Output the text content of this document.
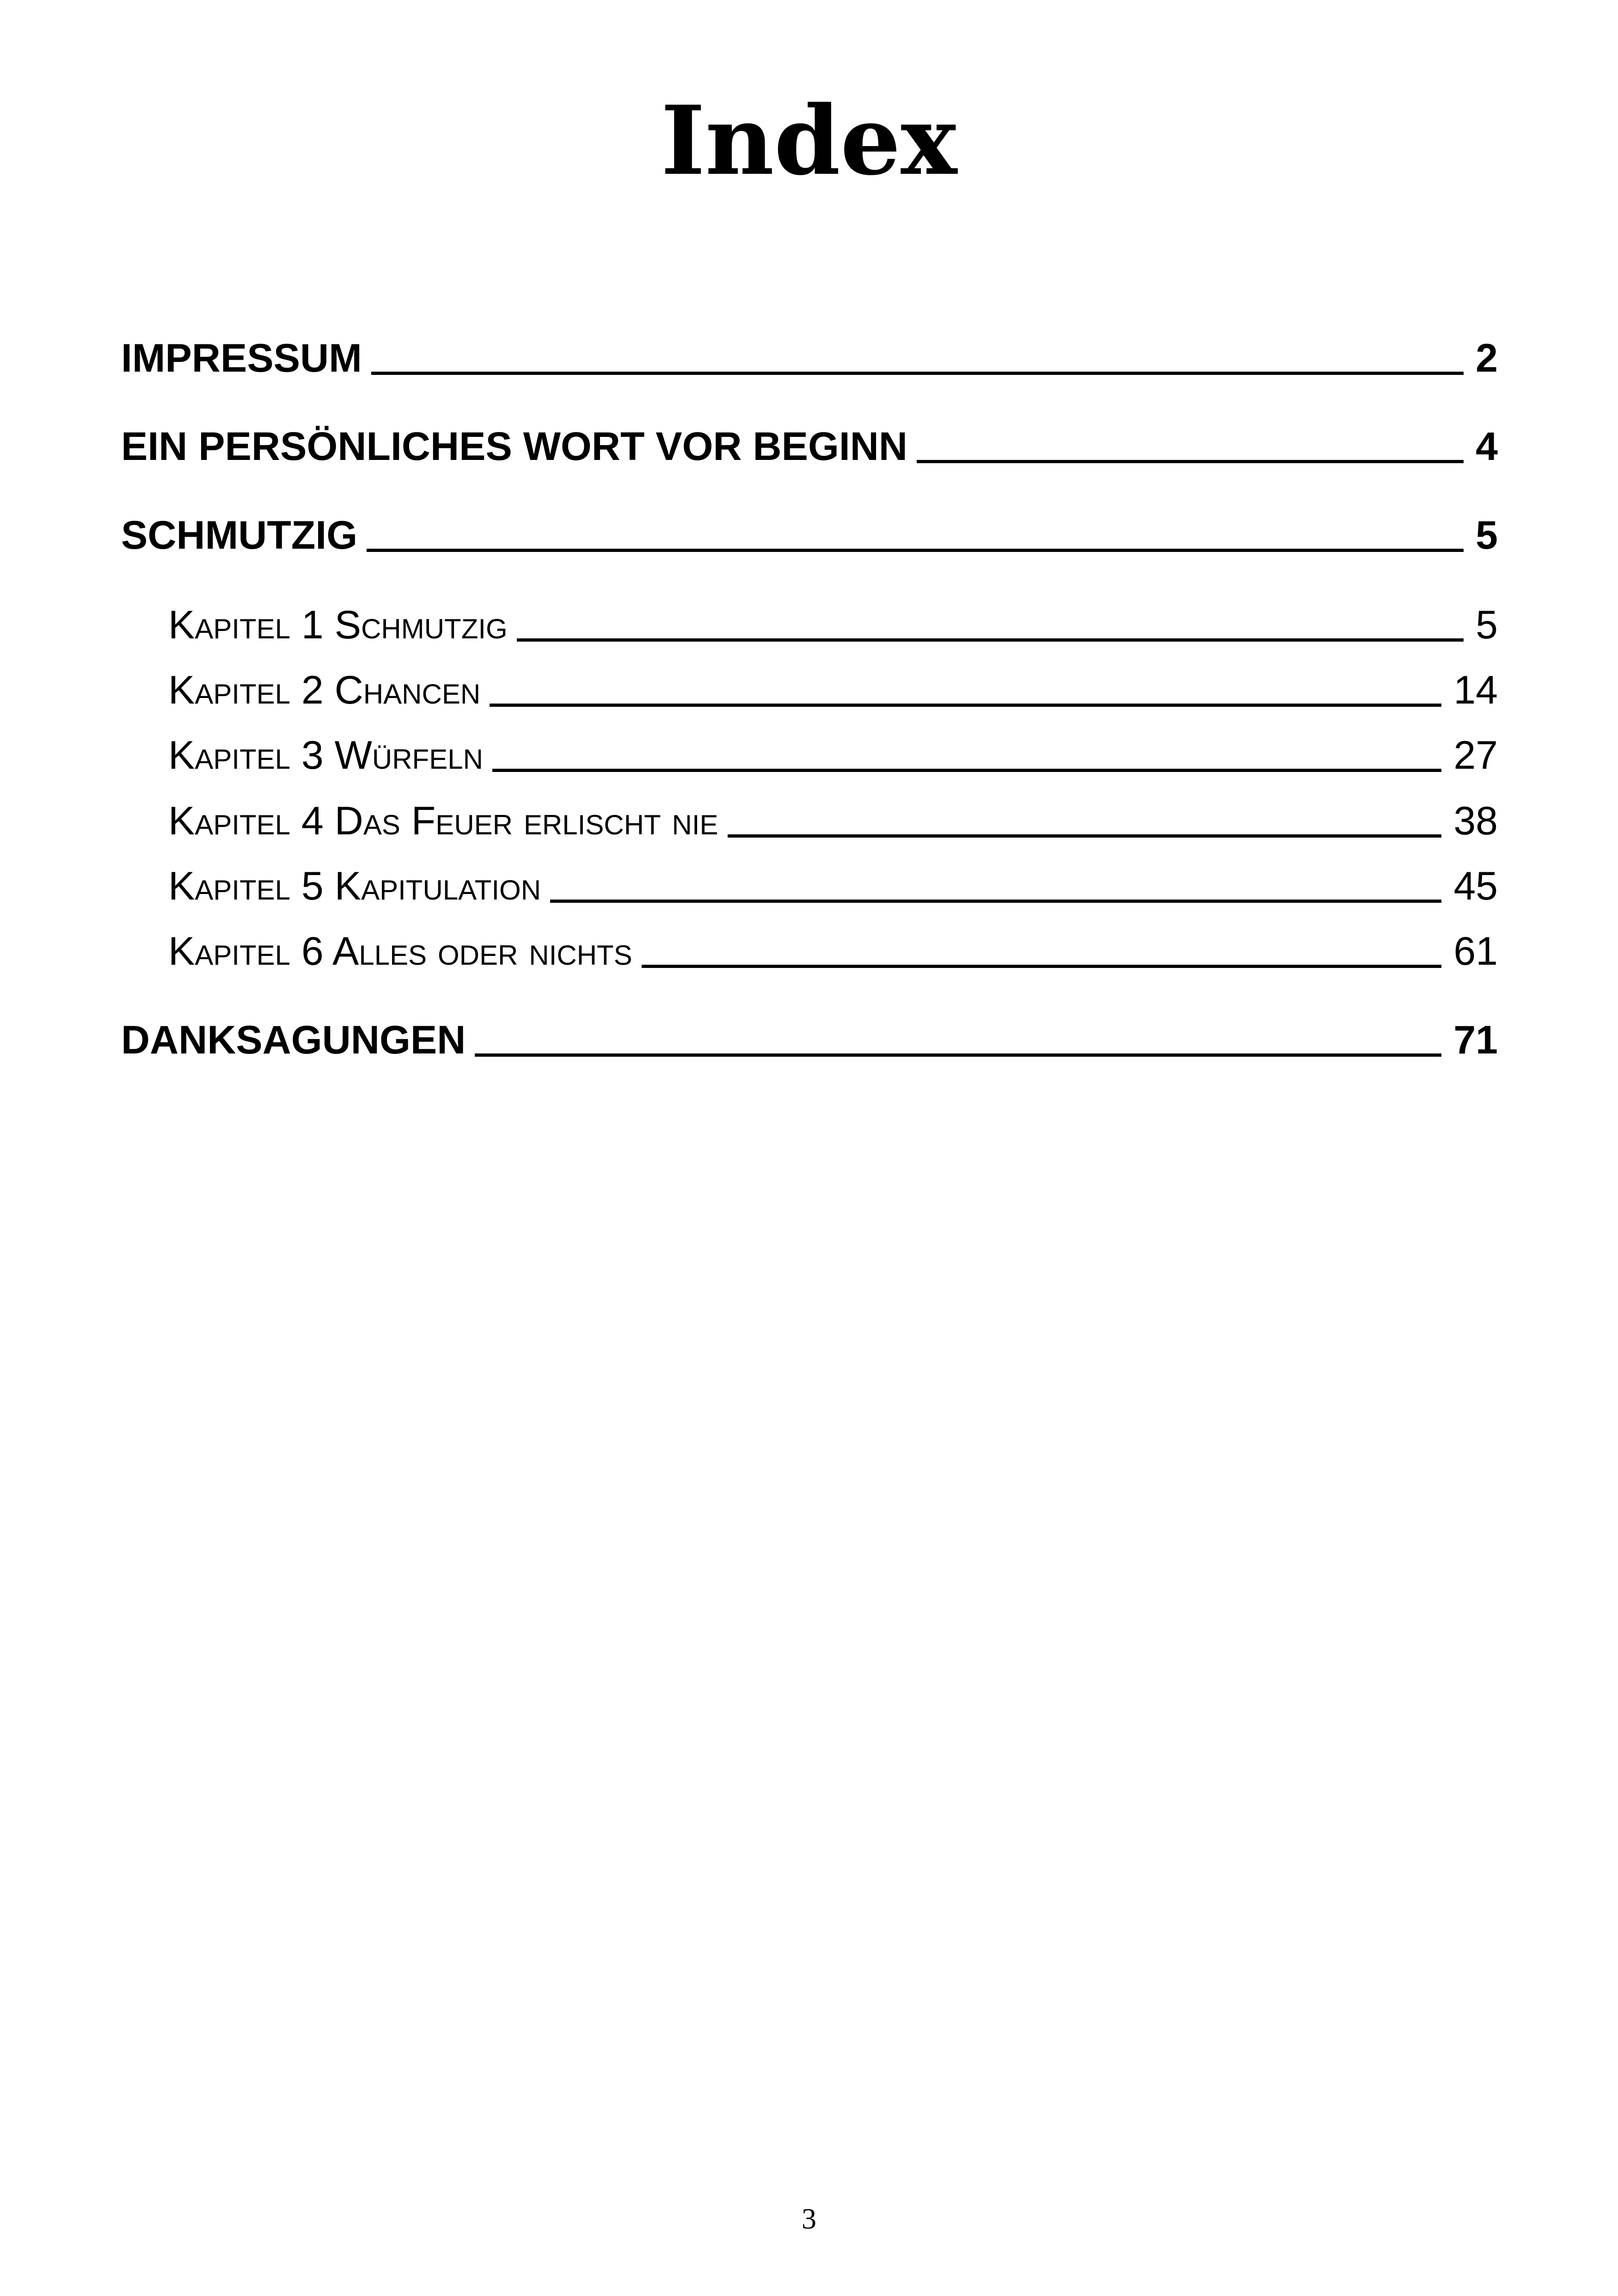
Index
IMPRESSUM	2
EIN PERSÖNLICHES WORT VOR BEGINN	4
SCHMUTZIG	5
Kapitel 1 Schmutzig	5
Kapitel 2 Chancen	14
Kapitel 3 Würfeln	27
Kapitel 4 Das Feuer erlischt nie	38
Kapitel 5 Kapitulation	45
Kapitel 6 Alles oder nichts	61
DANKSAGUNGEN	71
3
